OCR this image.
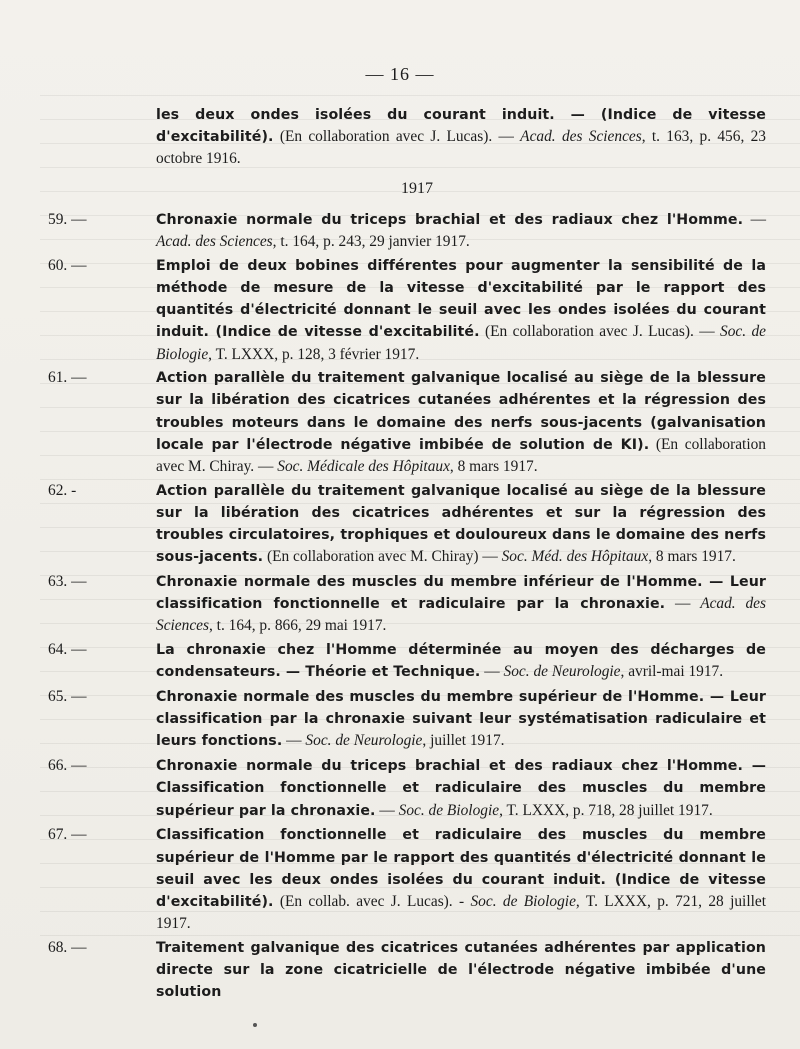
— 16 —
les deux ondes isolées du courant induit. — (Indice de vitesse d'excitabilité). (En collaboration avec J. Lucas). — Acad. des Sciences, t. 163, p. 456, 23 octobre 1916.
1917
59. —	Chronaxie normale du triceps brachial et des radiaux chez l'Homme. — Acad. des Sciences, t. 164, p. 243, 29 janvier 1917.
60. —	Emploi de deux bobines différentes pour augmenter la sensibilité de la méthode de mesure de la vitesse d'excitabilité par le rapport des quantités d'électricité donnant le seuil avec les ondes isolées du courant induit. (Indice de vitesse d'excitabilité. (En collaboration avec J. Lucas). — Soc. de Biologie, T. LXXX, p. 128, 3 février 1917.
61. —	Action parallèle du traitement galvanique localisé au siège de la blessure sur la libération des cicatrices cutanées adhérentes et la régression des troubles moteurs dans le domaine des nerfs sous-jacents (galvanisation locale par l'électrode négative imbibée de solution de KI). (En collaboration avec M. Chiray. — Soc. Médicale des Hôpitaux, 8 mars 1917.
62. -	Action parallèle du traitement galvanique localisé au siège de la blessure sur la libération des cicatrices adhérentes et sur la régression des troubles circulatoires, trophiques et douloureux dans le domaine des nerfs sous-jacents. (En collaboration avec M. Chiray) — Soc. Méd. des Hôpitaux, 8 mars 1917.
63. —	Chronaxie normale des muscles du membre inférieur de l'Homme. — Leur classification fonctionnelle et radiculaire par la chronaxie. — Acad. des Sciences, t. 164, p. 866, 29 mai 1917.
64. —	La chronaxie chez l'Homme déterminée au moyen des décharges de condensateurs. — Théorie et Technique. — Soc. de Neurologie, avril-mai 1917.
65. —	Chronaxie normale des muscles du membre supérieur de l'Homme. — Leur classification par la chronaxie suivant leur systématisation radiculaire et leurs fonctions. — Soc. de Neurologie, juillet 1917.
66. —	Chronaxie normale du triceps brachial et des radiaux chez l'Homme. — Classification fonctionnelle et radiculaire des muscles du membre supérieur par la chronaxie. — Soc. de Biologie, T. LXXX, p. 718, 28 juillet 1917.
67. —	Classification fonctionnelle et radiculaire des muscles du membre supérieur de l'Homme par le rapport des quantités d'électricité donnant le seuil avec les deux ondes isolées du courant induit. (Indice de vitesse d'excitabilité). (En collab. avec J. Lucas). - Soc. de Biologie, T. LXXX, p. 721, 28 juillet 1917.
68. —	Traitement galvanique des cicatrices cutanées adhérentes par application directe sur la zone cicatricielle de l'électrode négative imbibée d'une solution
